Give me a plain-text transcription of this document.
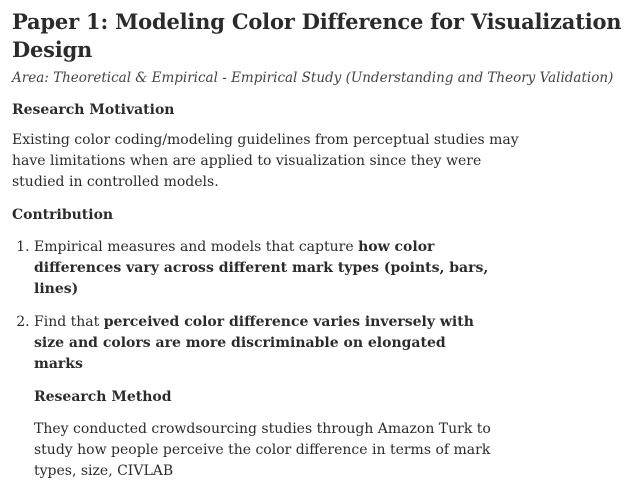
Paper 1: Modeling Color Difference for Visualization Design
Area: Theoretical & Empirical - Empirical Study (Understanding and Theory Validation)
Research Motivation

Existing color coding/modeling guidelines from perceptual studies may have limitations when are applied to visualization since they were studied in controlled models.

Contribution
1. Empirical measures and models that capture how color differences vary across different mark types (points, bars, lines)
2. Find that perceived color difference varies inversely with size and colors are more discriminable on elongated marks
Research Method

They conducted crowdsourcing studies through Amazon Turk to study how people perceive the color difference in terms of mark types, size, CIVLAB
